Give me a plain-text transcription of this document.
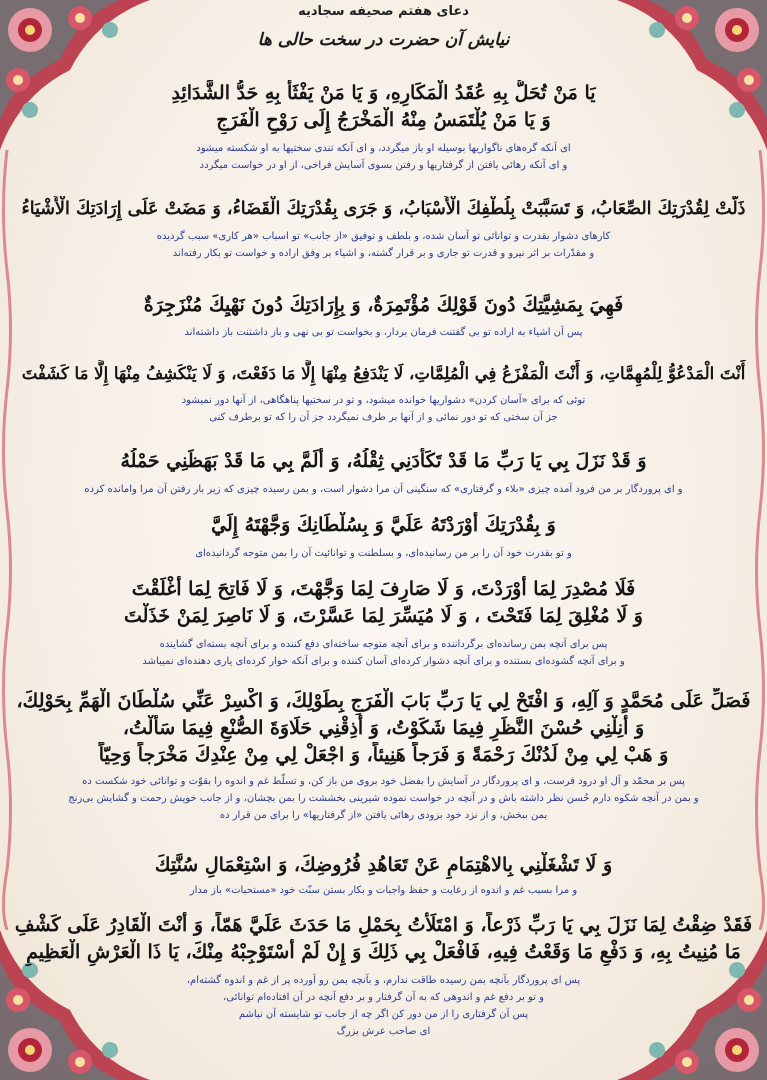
دعای هفتم صحیفه سجادیه
نیایش آن حضرت در سخت حالی ها
يَا مَنْ تُحَلُّ بِهِ عُقَدُ الْمَكَارِهِ، وَ يَا مَنْ يَفْثَأُ بِهِ حَدُّ الشَّدَائِدِ
وَ يَا مَنْ يُلْتَمَسُ مِنْهُ الْمَخْرَجُ إِلَى رَوْحِ الْفَرَجِ
ای آنکه گره‌های ناگواریها بوسیله او باز میگردد، و ای آنکه تندی سختیها به او شکسته میشود
و ای آنکه رهائی یافتن از گرفتاریها و رفتن بسوی آسایش فراخی، از او در خواست میگردد
ذَلَّتْ لِقُدْرَتِكَ الصِّعَابُ، وَ تَسَبَّبَتْ بِلُطْفِكَ الْأَسْبَابُ، وَ جَرَى بِقُدْرَتِكَ الْقَضَاءُ، وَ مَضَتْ عَلَى إِرَادَتِكَ الْأَشْيَاءُ
کارهای دشوار بقدرت و توانائی تو آسان شده، و بلطف و توفیق «از جانب» تو اسباب «هر کاری» سبب گردیده
و مقدّرات بر اثر نیرو و قدرت تو جاری و بر قرار گشته، و اشیاء بر وفق اراده و خواست تو بکار رفته‌اند
فَهِيَ بِمَشِيَّتِكَ دُونَ قَوْلِكَ مُؤْتَمِرَةٌ، وَ بِإِرَادَتِكَ دُونَ نَهْيِكَ مُنْزَجِرَةٌ
پس آن اشیاء به اراده تو بی گفتنت فرمان بردار، و بخواست تو بی نهی و باز داشتنت باز داشته‌اند
أَنْتَ الْمَدْعُوُّ لِلْمُهِمَّاتِ، وَ أَنْتَ الْمَفْزَعُ فِي الْمُلِمَّاتِ، لَا يَنْدَفِعُ مِنْهَا إِلَّا مَا دَفَعْتَ، وَ لَا يَنْكَشِفُ مِنْهَا إِلَّا مَا كَشَفْتَ
توئی که برای «آسان کردن» دشواریها خوانده میشود، و تو در سختیها پناهگاهی، از آنها دور نمیشود
جز آن سختی که تو دور نمائی و از آنها بر طرف نمیگردد جز آن را که تو برطرف کنی
وَ قَدْ نَزَلَ بِي يَا رَبِّ مَا قَدْ تَكَأَّدَنِي ثِقْلُهُ، وَ أَلَمَّ بِي مَا قَدْ بَهَظَنِي حَمْلُهُ
و ای پروردگار بر من فرود آمده چیزی «بلاء و گرفتاری» که سنگینی آن مرا دشوار است، و بمن رسیده چیزی که زیر بار رفتن آن مرا وامانده کرده
وَ بِقُدْرَتِكَ أَوْرَدْتَهُ عَلَيَّ وَ بِسُلْطَانِكَ وَجَّهْتَهُ إِلَيَّ
و تو بقدرت خود آن را بر من رسانیده‌ای، و بسلطنت و توانائیت آن را بمن متوجه گردانیده‌ای
فَلَا مُصْدِرَ لِمَا أَوْرَدْتَ، وَ لَا صَارِفَ لِمَا وَجَّهْتَ، وَ لَا فَاتِحَ لِمَا أَغْلَقْتَ
وَ لَا مُغْلِقَ لِمَا فَتَحْتَ ، وَ لَا مُيَسِّرَ لِمَا عَسَّرْتَ، وَ لَا نَاصِرَ لِمَنْ خَذَلْتَ
پس برای آنچه بمن رسانده‌ای برگرداننده و برای آنچه متوجه ساخته‌ای دفع کننده و برای آنچه بسته‌ای گشاینده
و برای آنچه گشوده‌ای بستنده و برای آنچه دشوار کرده‌ای آسان کننده و برای آنکه خوار کرده‌ای یاری دهنده‌ای نمیباشد
فَصَلِّ عَلَى مُحَمَّدٍ وَ آلِهِ، وَ افْتَحْ لِي يَا رَبِّ بَابَ الْفَرَجِ بِطَوْلِكَ، وَ اكْسِرْ عَنِّي سُلْطَانَ الْهَمِّ بِحَوْلِكَ،
وَ أَنِلْنِي حُسْنَ النَّظَرِ فِيمَا شَكَوْتُ، وَ أَذِقْنِي حَلَاوَةَ الصُّنْعِ فِيمَا سَأَلْتُ،
وَ هَبْ لِي مِنْ لَدُنْكَ رَحْمَةً وَ فَرَجاً هَنِيئاً، وَ اجْعَلْ لِي مِنْ عِنْدِكَ مَخْرَجاً وَحِيّاً
پس بر محمّد و آل او درود فرست، و ای پروردگار در آسایش را بفضل خود بروی من باز کن، و تسلّط غم و اندوه را بقوّت و توانائی خود شکست ده
و بمن در آنچه شکوه دارم حُسن نظر داشته باش و در آنچه در خواست نموده شیرینی بخششت را بمن بچشان، و از جانب خویش رحمت و گشایش بی‌رنج
بمن ببخش، و از نزد خود بزودی رهائی یافتن «از گرفتاریها» را برای من قرار ده
وَ لَا تَشْغَلْنِي بِالاهْتِمَامِ عَنْ تَعَاهُدِ فُرُوضِكَ، وَ اسْتِعْمَالِ سُنَّتِكَ
و مرا بسبب غم و اندوه از رعایت و حفظ واجبات و بکار بستن سنّت خود «مستحبات» باز مدار
فَقَدْ ضِقْتُ لِمَا نَزَلَ بِي يَا رَبِّ ذَرْعاً، وَ امْتَلَأْتُ بِحَمْلِ مَا حَدَثَ عَلَيَّ هَمّاً، وَ أَنْتَ الْقَادِرُ عَلَى كَشْفِ
مَا مُنِيتُ بِهِ، وَ دَفْعِ مَا وَقَعْتُ فِيهِ، فَافْعَلْ بِي ذَلِكَ وَ إِنْ لَمْ أَسْتَوْجِبْهُ مِنْكَ، يَا ذَا الْعَرْشِ الْعَظِيمِ
پس ای پروردگار بآنچه بمن رسیده طاقت ندارم، و بآنچه بمن رو آورده پر از غم و اندوه گشته‌ام،
و تو بر دفع غم و اندوهی که به آن گرفتار و بر دفع آنچه در آن افتاده‌ام توانائی،
پس آن گرفتاری را از من دور کن اگر چه از جانب تو شایسته آن نباشم
ای صاحب عرش بزرگ
